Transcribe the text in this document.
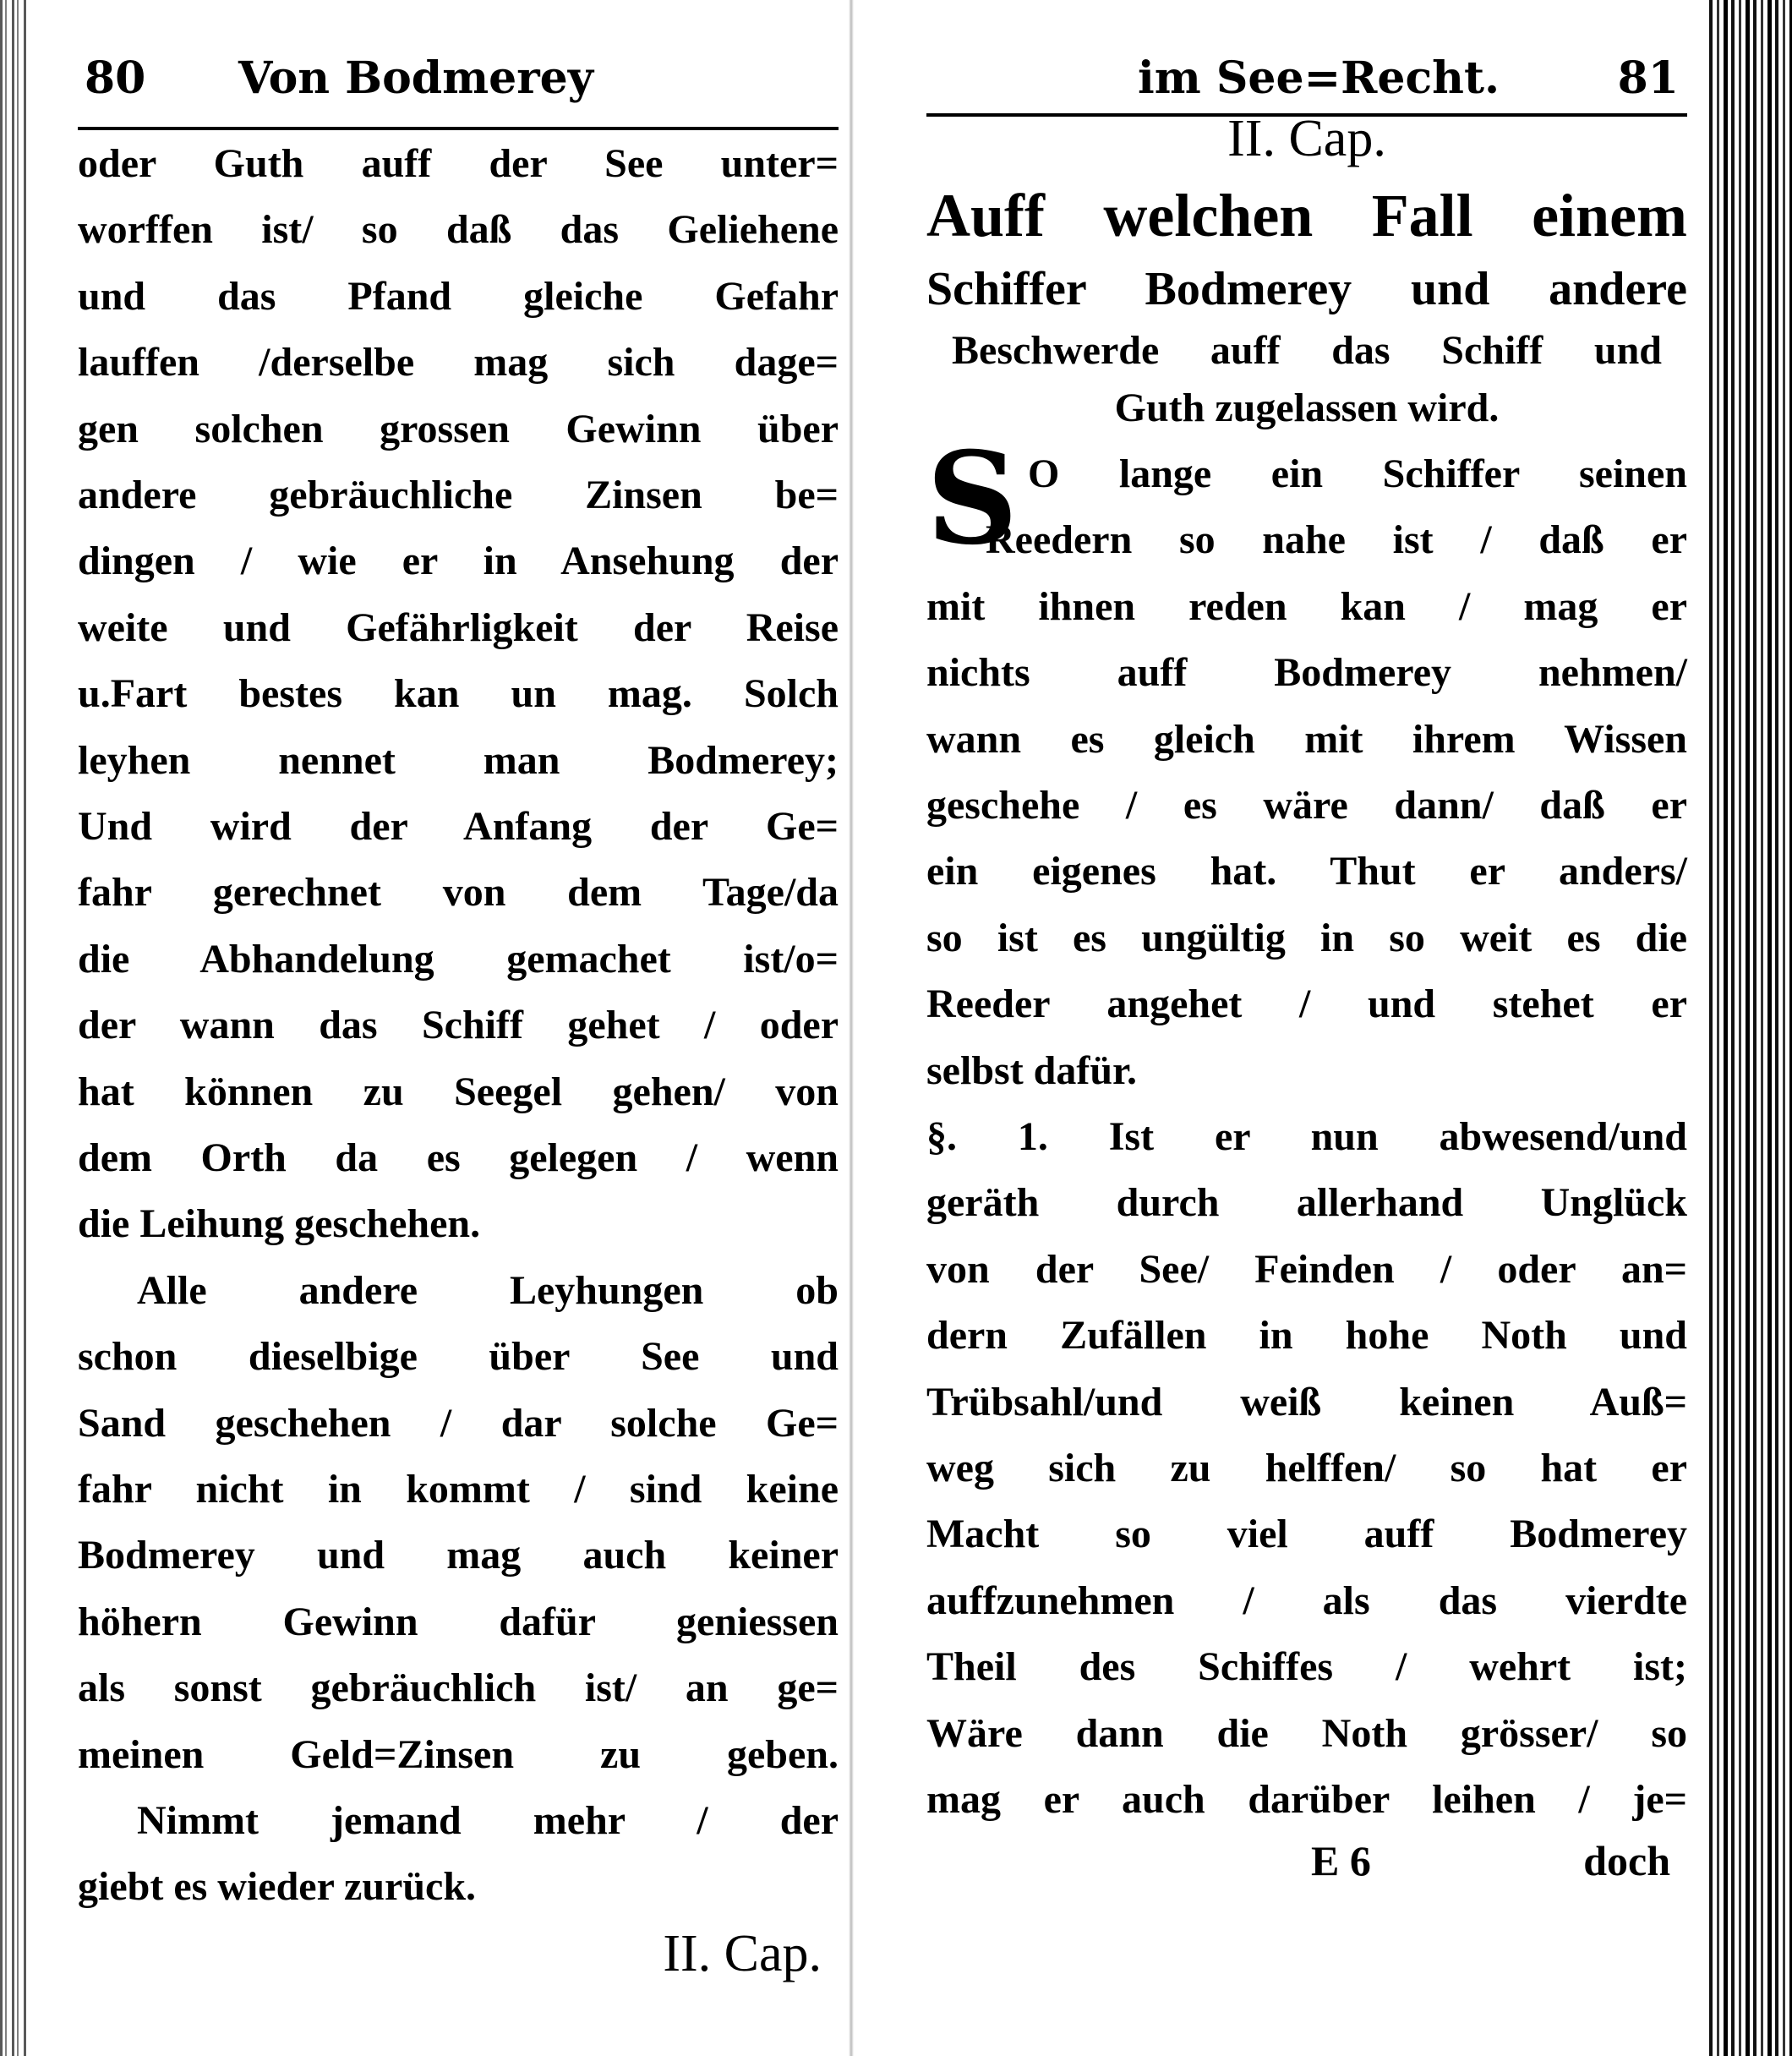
80 Von Bodmerey
oder Guth auff der See unter=
worffen ist/ so daß das Geliehene
und das Pfand gleiche Gefahr
lauffen /derselbe mag sich dage=
gen solchen grossen Gewinn über
andere gebräuchliche Zinsen be=
dingen / wie er in Ansehung der
weite und Gefährligkeit der Reise
u.Fart bestes kan un mag. Solch
leyhen nennet man Bodmerey;
Und wird der Anfang der Ge=
fahr gerechnet von dem Tage/da
die Abhandelung gemachet ist/o=
der wann das Schiff gehet / oder
hat können zu Seegel gehen/ von
dem Orth da es gelegen / wenn
die Leihung geschehen.
Alle andere Leyhungen ob
schon dieselbige über See und
Sand geschehen / dar solche Ge=
fahr nicht in kommt / sind keine
Bodmerey und mag auch keiner
höhern Gewinn dafür geniessen
als sonst gebräuchlich ist/ an ge=
meinen Geld=Zinsen zu geben.
Nimmt jemand mehr / der
giebt es wieder zurück.
II. Cap.
im See=Recht.	81
II. Cap.
Auff welchen Fall einem
Schiffer Bodmerey und andere
Beschwerde auff das Schiff und
Guth zugelassen wird.
S O lange ein Schiffer seinen
Reedern so nahe ist / daß er
mit ihnen reden kan / mag er
nichts auff Bodmerey nehmen/
wann es gleich mit ihrem Wissen
geschehe / es wäre dann/ daß er
ein eigenes hat. Thut er anders/
so ist es ungültig in so weit es die
Reeder angehet / und stehet er
selbst dafür.
§. 1. Ist er nun abwesend/und
geräth durch allerhand Unglück
von der See/ Feinden / oder an=
dern Zufällen in hohe Noth und
Trübsahl/und weiß keinen Auß=
weg sich zu helffen/ so hat er
Macht so viel auff Bodmerey
auffzunehmen / als das vierdte
Theil des Schiffes / wehrt ist;
Wäre dann die Noth grösser/ so
mag er auch darüber leihen / je=
E 6	doch
